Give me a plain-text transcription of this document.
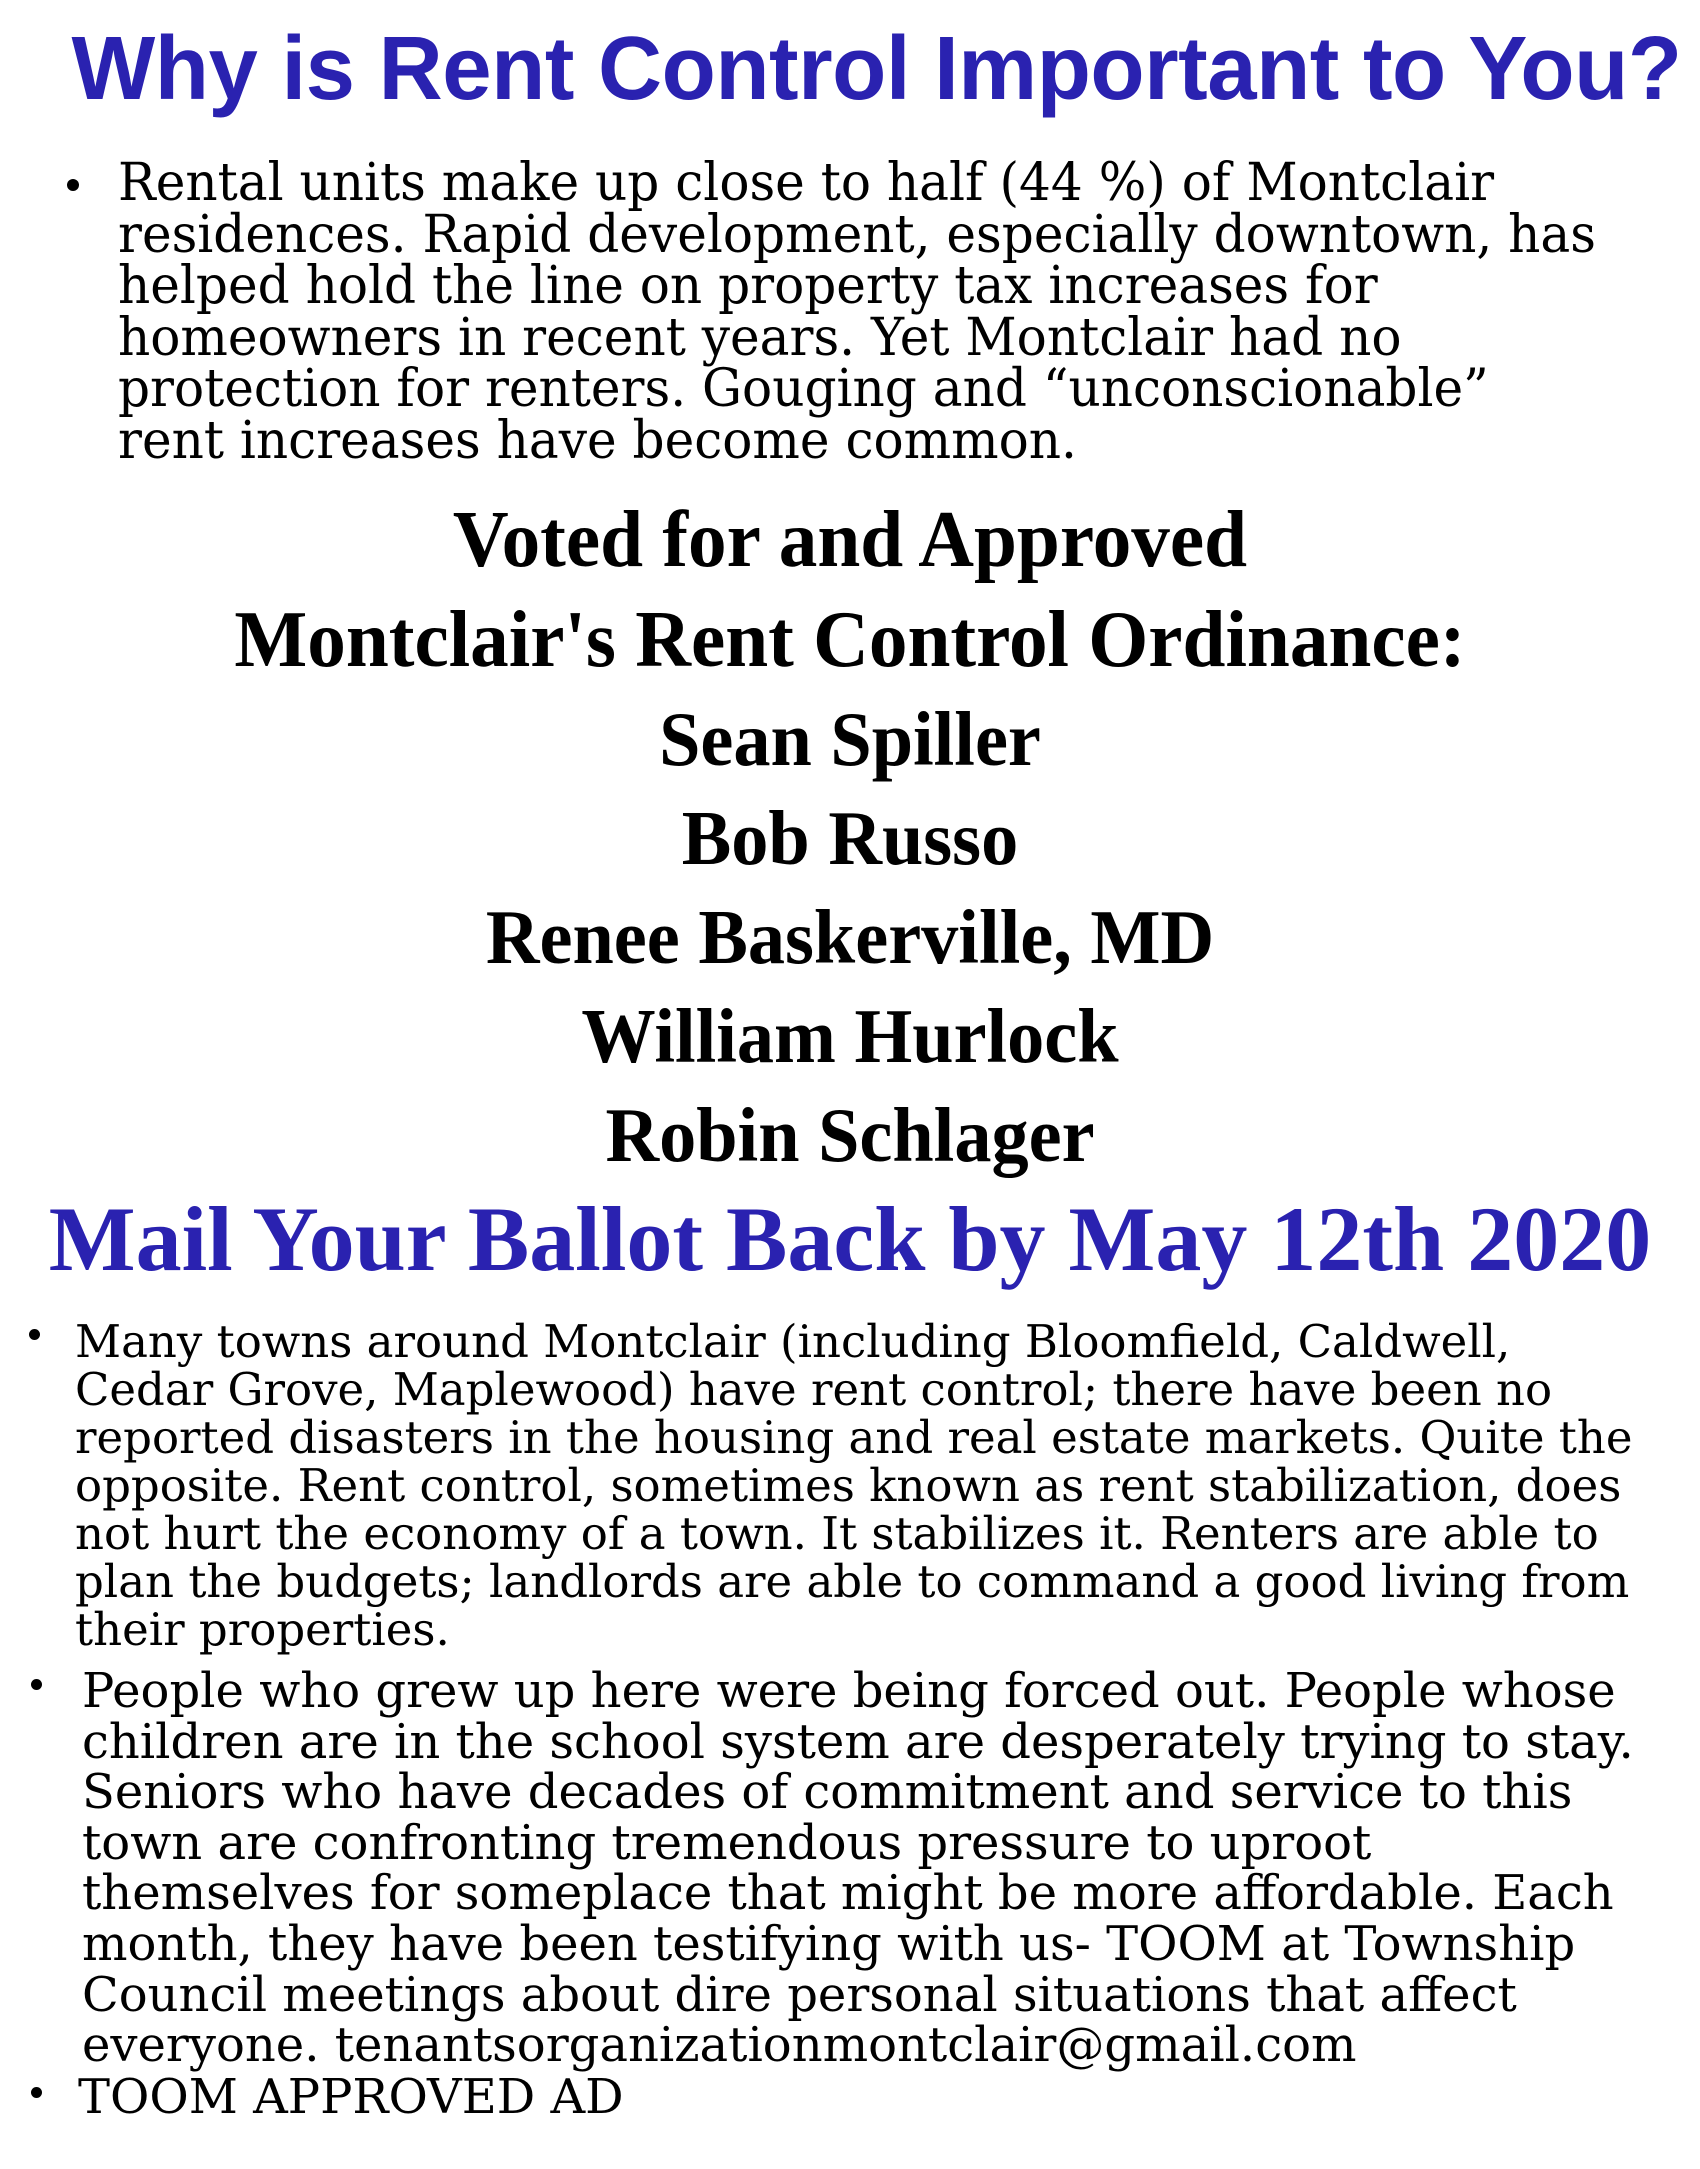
Why is Rent Control Important to You?
Rental units make up close to half (44 %) of Montclair
residences. Rapid development, especially downtown, has
helped hold the line on property tax increases for
homeowners in recent years. Yet Montclair had no
protection for renters. Gouging and “unconscionable”
rent increases have become common.
Voted for and Approved
Montclair's Rent Control Ordinance:
Sean Spiller
Bob Russo
Renee Baskerville, MD
William Hurlock
Robin Schlager
Mail Your Ballot Back by May 12th 2020
Many towns around Montclair (including Bloomfield, Caldwell,
Cedar Grove, Maplewood) have rent control; there have been no
reported disasters in the housing and real estate markets. Quite the
opposite. Rent control, sometimes known as rent stabilization, does
not hurt the economy of a town. It stabilizes it. Renters are able to
plan the budgets; landlords are able to command a good living from
their properties.
People who grew up here were being forced out. People whose
children are in the school system are desperately trying to stay.
Seniors who have decades of commitment and service to this
town are confronting tremendous pressure to uproot
themselves for someplace that might be more affordable. Each
month, they have been testifying with us- TOOM at Township
Council meetings about dire personal situations that affect
everyone. tenantsorganizationmontclair@gmail.com
TOOM APPROVED AD
